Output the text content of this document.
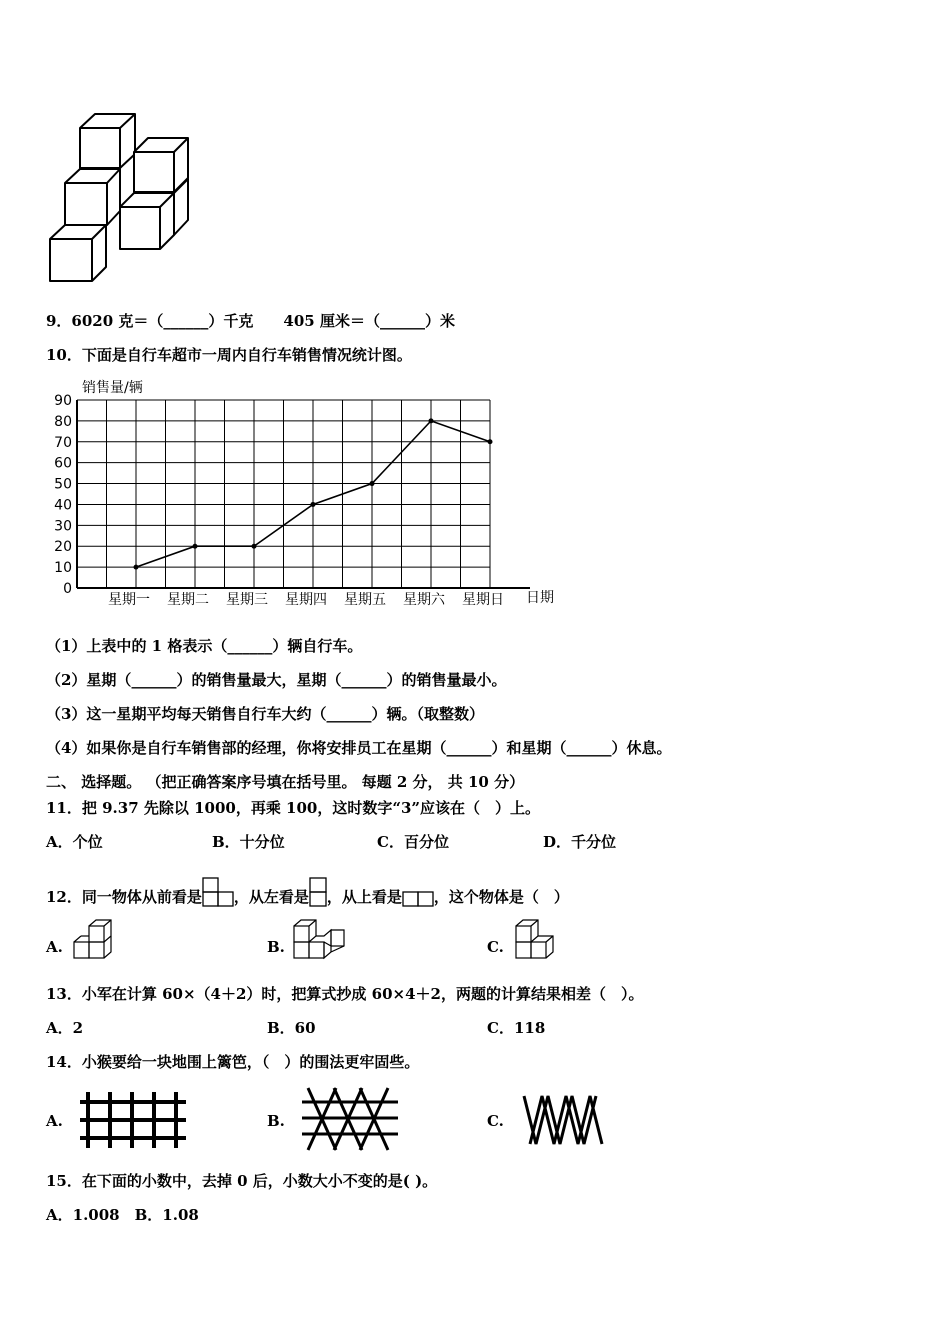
9．6020 克＝（______）千克　　405 厘米＝（______）米
10．下面是自行车超市一周内自行车销售情况统计图。
销售量/辆
日期
0
10
20
30
40
50
60
70
80
90
星期一 星期二 星期三 星期四 星期五 星期六 星期日
（1）上表中的 1 格表示（______）辆自行车。
（2）星期（______）的销售量最大，星期（______）的销售量最小。
（3）这一星期平均每天销售自行车大约（______）辆。（取整数）
（4）如果你是自行车销售部的经理，你将安排员工在星期（______）和星期（______）休息。
二、 选择题。 （把正确答案序号填在括号里。 每题 2 分， 共 10 分）
11．把 9.37 先除以 1000，再乘 100，这时数字“3”应该在（　）上。
A．个位	B．十分位	C．百分位	D．千分位
12．同一物体从前看是 ，从左看是 ，从上看是 ，这个物体是（　）
A.	B.	C.
13．小军在计算 60×（4＋2）时，把算式抄成 60×4＋2，两题的计算结果相差（　）。
A．2	B．60	C．118
14．小猴要给一块地围上篱笆，（　）的围法更牢固些。
A.	B.	C.
15．在下面的小数中，去掉 0 后，小数大小不变的是( )。
A．1.008　B．1.08
